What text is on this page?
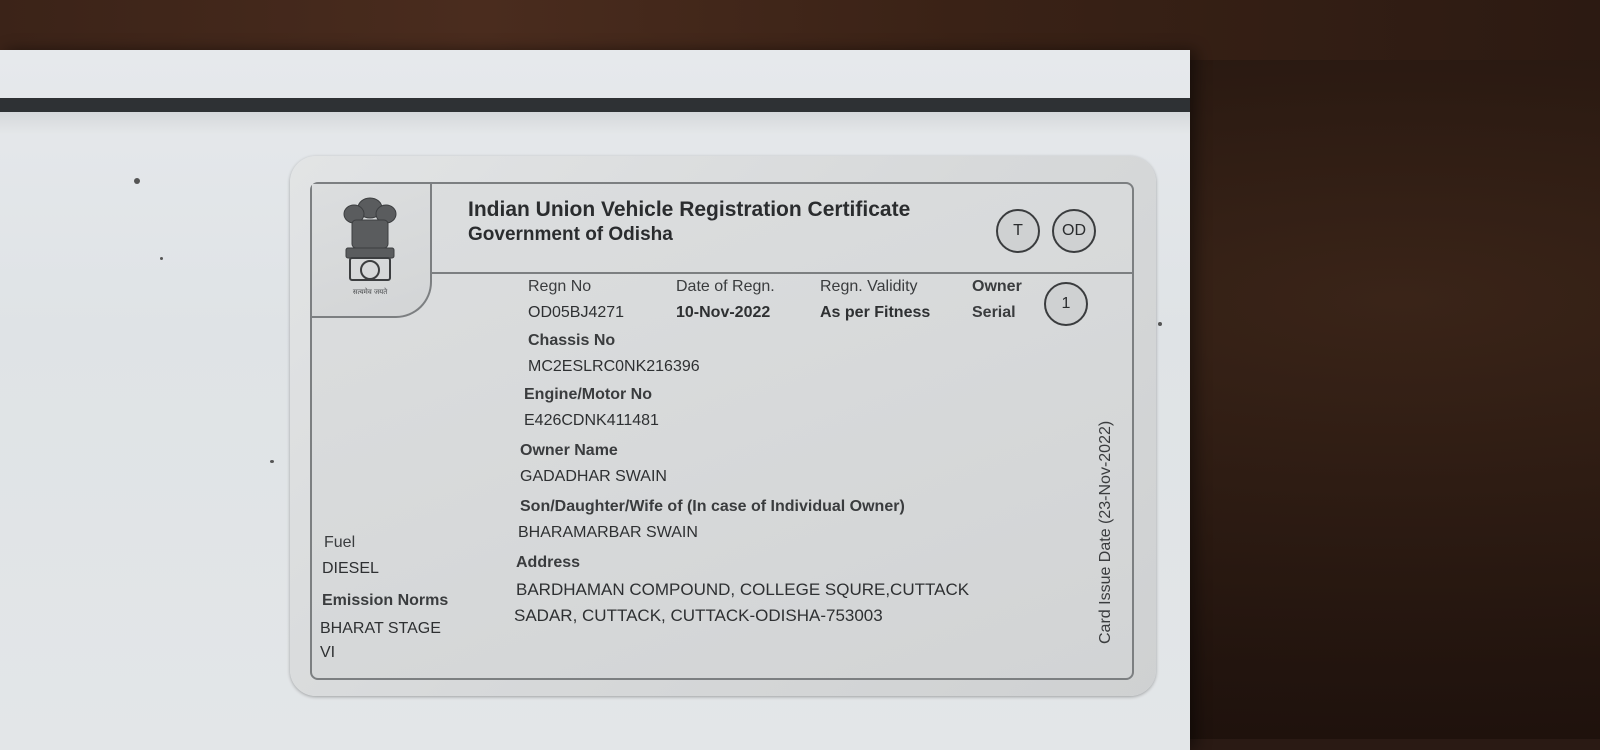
सत्यमेव जयते
Indian Union Vehicle Registration Certificate
Government of Odisha	T	OD
Regn No
OD05BJ4271
Date of Regn.
10-Nov-2022
Regn. Validity
As per Fitness
Owner
Serial
1
Chassis No
MC2ESLRC0NK216396
Engine/Motor No
E426CDNK411481
Owner Name
GADADHAR SWAIN
Son/Daughter/Wife of (In case of Individual Owner)
BHARAMARBAR SWAIN
Address
BARDHAMAN COMPOUND, COLLEGE SQURE,CUTTACK
SADAR, CUTTACK, CUTTACK-ODISHA-753003
Fuel
DIESEL
Emission Norms
BHARAT STAGE
VI
Card Issue Date (23-Nov-2022)
